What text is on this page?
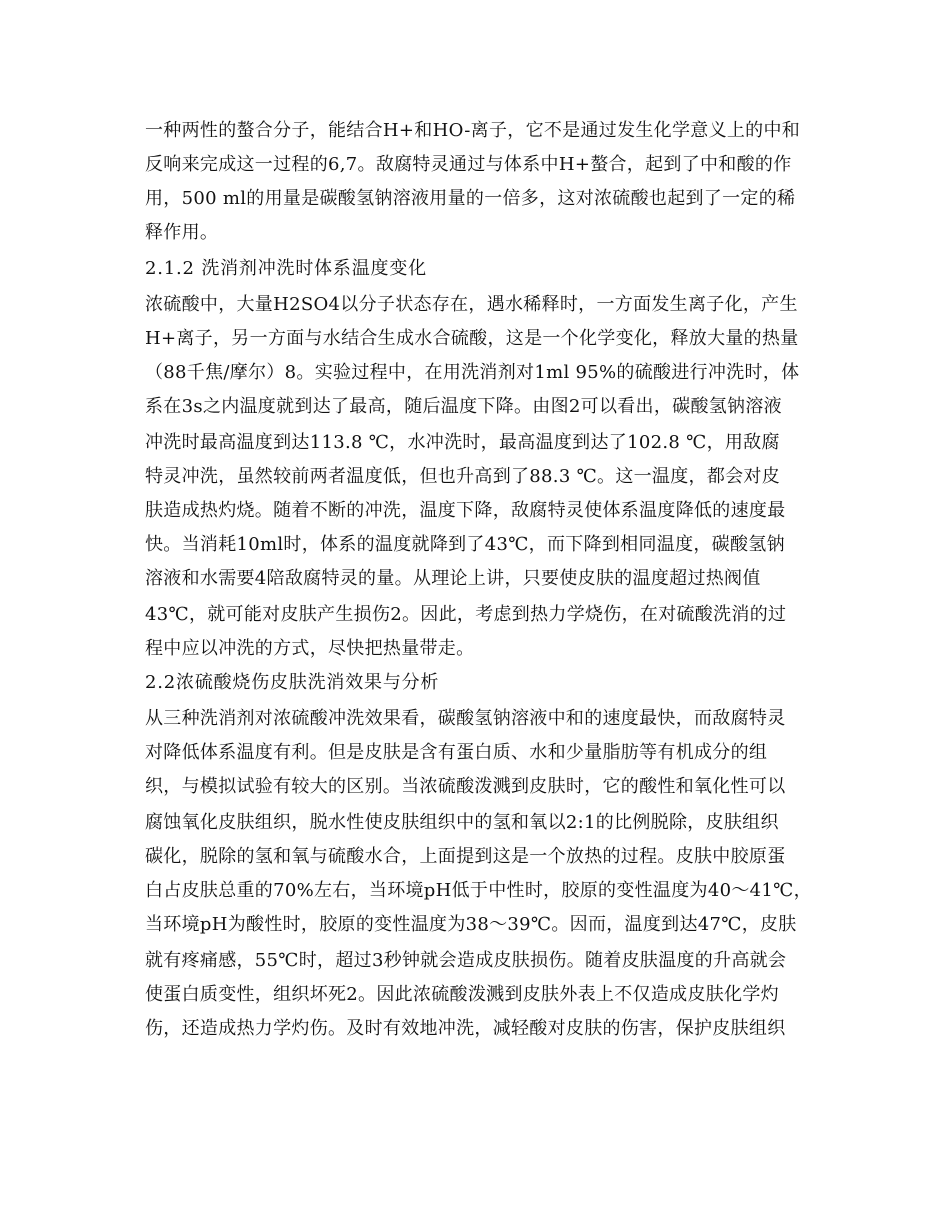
一种两性的螯合分子，能结合H+和HO-离子，它不是通过发生化学意义上的中和
反响来完成这一过程的6,7。敌腐特灵通过与体系中H+螯合，起到了中和酸的作
用，500 ml的用量是碳酸氢钠溶液用量的一倍多，这对浓硫酸也起到了一定的稀
释作用。
2.1.2 洗消剂冲洗时体系温度变化
浓硫酸中，大量H2SO4以分子状态存在，遇水稀释时，一方面发生离子化，产生
H+离子，另一方面与水结合生成水合硫酸，这是一个化学变化，释放大量的热量
（88千焦/摩尔）8。实验过程中，在用洗消剂对1ml 95%的硫酸进行冲洗时，体
系在3s之内温度就到达了最高，随后温度下降。由图2可以看出，碳酸氢钠溶液
冲洗时最高温度到达113.8 ℃，水冲洗时，最高温度到达了102.8 ℃，用敌腐
特灵冲洗，虽然较前两者温度低，但也升高到了88.3 ℃。这一温度，都会对皮
肤造成热灼烧。随着不断的冲洗，温度下降，敌腐特灵使体系温度降低的速度最
快。当消耗10ml时，体系的温度就降到了43℃，而下降到相同温度，碳酸氢钠
溶液和水需要4陪敌腐特灵的量。从理论上讲，只要使皮肤的温度超过热阀值
43℃，就可能对皮肤产生损伤2。因此，考虑到热力学烧伤，在对硫酸洗消的过
程中应以冲洗的方式，尽快把热量带走。
2.2浓硫酸烧伤皮肤洗消效果与分析
从三种洗消剂对浓硫酸冲洗效果看，碳酸氢钠溶液中和的速度最快，而敌腐特灵
对降低体系温度有利。但是皮肤是含有蛋白质、水和少量脂肪等有机成分的组
织，与模拟试验有较大的区别。当浓硫酸泼溅到皮肤时，它的酸性和氧化性可以
腐蚀氧化皮肤组织，脱水性使皮肤组织中的氢和氧以2:1的比例脱除，皮肤组织
碳化，脱除的氢和氧与硫酸水合，上面提到这是一个放热的过程。皮肤中胶原蛋
白占皮肤总重的70%左右，当环境pH低于中性时，胶原的变性温度为40～41℃，
当环境pH为酸性时，胶原的变性温度为38～39℃。因而，温度到达47℃，皮肤
就有疼痛感，55℃时，超过3秒钟就会造成皮肤损伤。随着皮肤温度的升高就会
使蛋白质变性，组织坏死2。因此浓硫酸泼溅到皮肤外表上不仅造成皮肤化学灼
伤，还造成热力学灼伤。及时有效地冲洗，减轻酸对皮肤的伤害，保护皮肤组织
